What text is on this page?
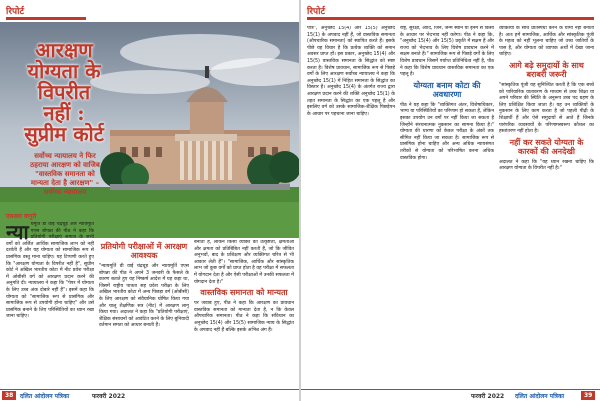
रिपोर्ट

आरक्षण

योग्यता के

विपरीत

नहीं :

सुप्रीम कोर्ट

सर्वोच्च न्यायालय ने फिर
ठहराया आरक्षण को वाजिब
"वास्तविक समानता को
मान्यता देता है आरक्षण" –
सर्वोच्च न्यायालय
एसआर वागुरी
न्या यमूर्ति डी वाई चंद्रचूड़ और न्यायमूर्ति एएस बोपन्ना की पीठ ने कहा कि प्रतियोगी परीक्षाएं समाज के सभी वर्गों को अर्जित आर्थिक सामाजिक लाभ को नहीं दर्शाती हैं और यह योग्यता को सामाजिक रूप से प्रासंगिक वस्तु माना चाहिए। यह टिप्पणी करते हुए कि "आरक्षण योग्यता के विपरीत नहीं है", सुप्रीम कोर्ट ने अखिल भारतीय कोटा में नीट प्रवेश परीक्षा में ओबीसी वर्ग को आरक्षण प्रदान करने की अनुमति दी। न्यायालय ने कहा कि "पेपर में योग्यता के लिए उच्च अंक दोबारे नहीं हैं"। इसमें कहा कि योग्यता को "सामाजिक रूप से प्रासंगिक और सामाजिक रूप से उपयोगी होना चाहिए" और उसे प्रासंगिक बनाने के लिए परिस्थितियों का ध्यान रखा जाना चाहिए।
प्रतियोगी परीक्षाओं में आरक्षण आवश्यक

"न्यायमूर्ति डी वाई चंद्रचूड़ और न्यायमूर्ति एएस बोपन्ना की पीठ ने अपने 3 जनवरी के फैसले के कारण बताते हुए यह निष्कर्ष आदेश में यह कहा था, जिसमें राष्ट्रीय पात्रता सह प्रवेश परीक्षा के लिए अखिल भारतीय कोटा में अन्य पिछड़ा वर्ग (ओबीसी) के लिए आरक्षण को संवैधानिक घोषित किया गया और चालू शैक्षणिक सत्र (नीट) में आरक्षण लागू किया गया। अदालत ने कहा कि "प्रतियोगी परीक्षाएं, शैक्षिक संसाधनों को आवंटित करने के लिए बुनियादी वर्तमान समता को आधार बनाती हैं।

बनाती हैं, लेकिन किसी व्यक्ति की उत्कृष्टता, क्षमताओं और क्षमता को प्रतिबिंबित नहीं करती हैं, जो कि जीवित अनुभवों, बाद के प्रशिक्षण और व्यक्तिगत चरित्र से भी आकार लेती हैं"। "सामाजिक, आर्थिक और सांस्कृतिक लाभ जो कुछ वर्गों को प्राप्त होता है वह परीक्षा में सफलता में योगदान देता है और ऐसी परीक्षाओं में उनकी सफलता में योगदान देता है।"

वास्तविक समानता को मान्यता

पर जवाब हुए, पीठ ने कहा कि आरक्षण का प्रावधान वास्तविक समानता को मान्यता देता है, न कि केवल औपचारिक समानता। पीठ ने कहा कि संविधान का अनुच्छेद 15(4) और 15(5) सामाजिक न्याय के सिद्धांत के अपवाद नहीं हैं बल्कि इसके अभिन्न अंग हैं।

38	दलित आंदोलन पत्रिका	फरवरी 2022
रिपोर्ट

पात्र", अनुच्छेद 15(4) और 15(5) अनुच्छेद 15(1) के अपवाद नहीं हैं, जो वास्तविक समानता (औपचारिक समानता) को स्थापित करते हैं। इसके पीछे यह विचार है कि प्रत्येक व्यक्ति को समान अवसर प्राप्त हों। इस प्रकार, अनुच्छेद 15(4) और 15(5) वास्तविक समानता के सिद्धांत को स्पष्ट करता है। विशेष प्रावधान, सामाजिक रूप से पिछड़े वर्गों के लिए आरक्षण सर्वोच्च न्यायालय ने कहा कि अनुच्छेद 15(1) में निहित समानता के सिद्धांत का विस्तार है। अनुच्छेद 15(4) के अंतर्गत राज्य द्वारा आरक्षण प्रदान करने की शक्ति अनुच्छेद 15(1) के तहत समानता के सिद्धांत का एक पहलू है और इसलिए वर्ग को उसके सामाजिक-शैक्षिक पिछड़ेपन के आधार पर पहचाना जाना चाहिए।

राष्ट्र, सुरक्षा, आदि, जिन, जन्म स्थान या इनमें से किसी के आधार पर भेदभाव नहीं करेगा। पीठ ने कहा कि, "अनुच्छेद 15(4) और 15(5) प्रकृति में सक्षम हैं और राज्य को भेदभाव के लिए विशेष प्रावधान करने में सक्षम बनाते हैं।" सामाजिक रूप से पिछड़े वर्गों के लिए विशेष प्रावधान जिसमें पर्याप्त प्रतिनिधित्व नहीं है, पीठ ने कहा कि विशेष प्रावधान वास्तविक समानता का एक पहलू है।

योग्यता बनाम कोटा की अवधारणा

पीठ ने यह कहा कि "व्यक्तिगत अंतर, विशेषाधिकार, भाग्य या परिस्थितियों का परिणाम हो सकता है, लेकिन इसका उपयोग उन वर्गों पर नहीं किया जा सकता है जिन्होंने संरचनात्मक नुकसान का सामना किया है।" योग्यता की धारणा को केवल परीक्षा के अंकों तक सीमित नहीं किया जा सकता है। सामाजिक रूप से प्रासंगिक होना चाहिए और अन्य अधिक न्यायसंगत तरीकों से योग्यता को परिभाषित करना अधिक वास्तविक होगा।

व्यक्तियों के साथ प्रतिस्पर्धा करने के योग्य नहीं बनाता है। अतः हमें सामाजिक, आर्थिक और सांस्कृतिक पूंजी के महत्व को नहीं भूलना चाहिए जो उच्च जातियों के पास है, और योग्यता को व्यापक अर्थों में देखा जाना चाहिए।

आगे बढ़े समुदायों के साथ बराबरी जरूरी

"सांस्कृतिक पूंजी यह सुनिश्चित करती है कि एक बच्चे को पारिवारिक वातावरण के माध्यम से उच्च शिक्षा या अपने परिवार की स्थिति के अनुरूप उच्च पद ग्रहण के लिए प्रशिक्षित किया जाता है। यह उन व्यक्तियों के नुकसान के लिए काम करता है जो पहली पीढ़ी के शिक्षार्थी हैं और ऐसे समुदायों से आते हैं जिनके पारंपरिक व्यवसायों के परिणामस्वरूप कौशल का हस्तांतरण नहीं होता है।

नहीं कर सकते योग्यता के कारकों की अनदेखी

अदालत ने कहा कि "यह ध्यान रखना चाहिए कि आरक्षण योग्यता के विपरीत नहीं है।"

फरवरी 2022 दलित आंदोलन पत्रिका	39
